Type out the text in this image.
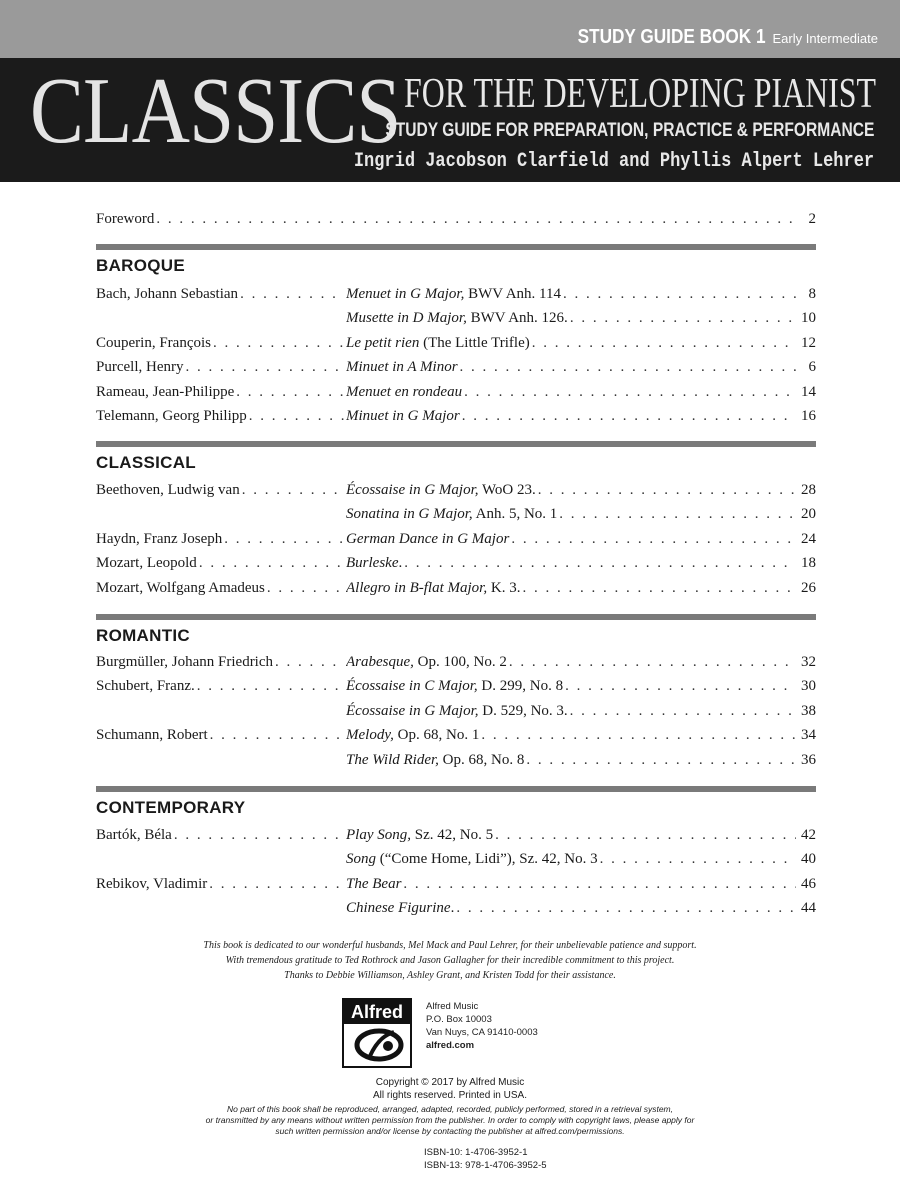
STUDY GUIDE BOOK 1 Early Intermediate
CLASSICS FOR THE DEVELOPING PIANIST
STUDY GUIDE FOR PREPARATION, PRACTICE & PERFORMANCE
Ingrid Jacobson Clarfield and Phyllis Alpert Lehrer
Foreword . . .	2
BAROQUE
Bach, Johann Sebastian . . .	Menuet in G Major, BWV Anh. 114 . . .	8
Musette in D Major, BWV Anh. 126. . . .	10
Couperin, François . . .	Le petit rien (The Little Trifle) . . .	12
Purcell, Henry . . .	Minuet in A Minor . . .	6
Rameau, Jean-Philippe . . .	Menuet en rondeau . . .	14
Telemann, Georg Philipp . . .	Minuet in G Major . . .	16
CLASSICAL
Beethoven, Ludwig van . . .	Écossaise in G Major, WoO 23. . . .	28
Sonatina in G Major, Anh. 5, No. 1 . . .	20
Haydn, Franz Joseph . . .	German Dance in G Major . . .	24
Mozart, Leopold . . .	Burleske. . . .	18
Mozart, Wolfgang Amadeus . . .	Allegro in B-flat Major, K. 3. . . .	26
ROMANTIC
Burgmüller, Johann Friedrich . . .	Arabesque, Op. 100, No. 2 . . .	32
Schubert, Franz. . . .	Écossaise in C Major, D. 299, No. 8 . . .	30
Écossaise in G Major, D. 529, No. 3. . . .	38
Schumann, Robert . . .	Melody, Op. 68, No. 1 . . .	34
The Wild Rider, Op. 68, No. 8 . . .	36
CONTEMPORARY
Bartók, Béla . . .	Play Song, Sz. 42, No. 5 . . .	42
Song (“Come Home, Lidi”), Sz. 42, No. 3 . . .	40
Rebikov, Vladimir . . .	The Bear . . .	46
Chinese Figurine. . . .	44
This book is dedicated to our wonderful husbands, Mel Mack and Paul Lehrer, for their unbelievable patience and support.
With tremendous gratitude to Ted Rothrock and Jason Gallagher for their incredible commitment to this project.
Thanks to Debbie Williamson, Ashley Grant, and Kristen Todd for their assistance.
Alfred	Alfred Music
P.O. Box 10003
Van Nuys, CA 91410-0003
alfred.com
Copyright © 2017 by Alfred Music
All rights reserved. Printed in USA.
No part of this book shall be reproduced, arranged, adapted, recorded, publicly performed, stored in a retrieval system,
or transmitted by any means without written permission from the publisher. In order to comply with copyright laws, please apply for
such written permission and/or license by contacting the publisher at alfred.com/permissions.
ISBN-10: 1-4706-3952-1
ISBN-13: 978-1-4706-3952-5
